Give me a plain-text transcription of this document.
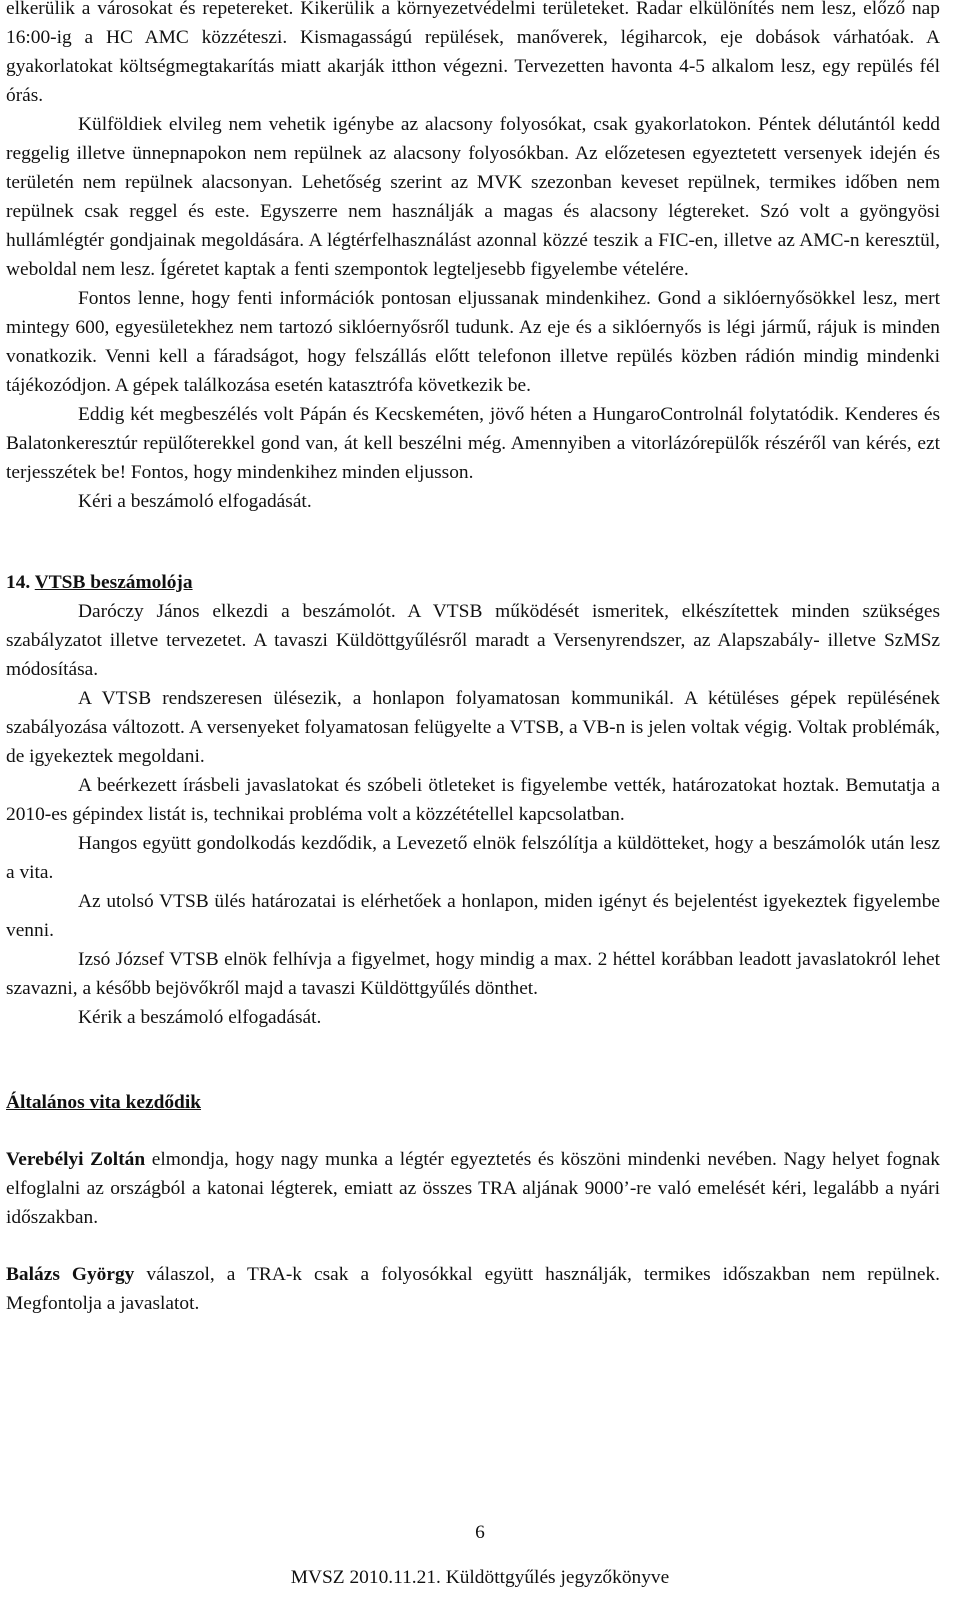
elkerülik a városokat és repetereket. Kikerülik a környezetvédelmi területeket. Radar elkülönítés nem lesz, előző nap 16:00-ig a HC AMC közzéteszi. Kismagasságú repülések, manőverek, légiharcok, eje dobások várhatóak. A gyakorlatokat költségmegtakarítás miatt akarják itthon végezni. Tervezetten havonta 4-5 alkalom lesz, egy repülés fél órás.

Külföldiek elvileg nem vehetik igénybe az alacsony folyosókat, csak gyakorlatokon. Péntek délutántól kedd reggelig illetve ünnepnapokon nem repülnek az alacsony folyosókban. Az előzetesen egyeztetett versenyek idején és területén nem repülnek alacsonyan. Lehetőség szerint az MVK szezonban keveset repülnek, termikes időben nem repülnek csak reggel és este. Egyszerre nem használják a magas és alacsony légtereket. Szó volt a gyöngyösi hullámlégtér gondjainak megoldására. A légtérfelhasználást azonnal közzé teszik a FIC-en, illetve az AMC-n keresztül, weboldal nem lesz. Ígéretet kaptak a fenti szempontok legteljesebb figyelembe vételére.

Fontos lenne, hogy fenti információk pontosan eljussanak mindenkihez. Gond a siklóernyősökkel lesz, mert mintegy 600, egyesületekhez nem tartozó siklóernyősről tudunk. Az eje és a siklóernyős is légi jármű, rájuk is minden vonatkozik. Venni kell a fáradságot, hogy felszállás előtt telefonon illetve repülés közben rádión mindig mindenki tájékozódjon. A gépek találkozása esetén katasztrófa következik be.

Eddig két megbeszélés volt Pápán és Kecskeméten, jövő héten a HungaroControlnál folytatódik. Kenderes és Balatonkeresztúr repülőterekkel gond van, át kell beszélni még. Amennyiben a vitorlázórepülők részéről van kérés, ezt terjesszétek be! Fontos, hogy mindenkihez minden eljusson.

Kéri a beszámoló elfogadását.

14. VTSB beszámolója

Daróczy János elkezdi a beszámolót. A VTSB működését ismeritek, elkészítettek minden szükséges szabályzatot illetve tervezetet. A tavaszi Küldöttgyűlésről maradt a Versenyrendszer, az Alapszabály- illetve SzMSz módosítása.

A VTSB rendszeresen ülésezik, a honlapon folyamatosan kommunikál. A kétüléses gépek repülésének szabályozása változott. A versenyeket folyamatosan felügyelte a VTSB, a VB-n is jelen voltak végig. Voltak problémák, de igyekeztek megoldani.

A beérkezett írásbeli javaslatokat és szóbeli ötleteket is figyelembe vették, határozatokat hoztak. Bemutatja a 2010-es gépindex listát is, technikai probléma volt a közzététellel kapcsolatban.

Hangos együtt gondolkodás kezdődik, a Levezető elnök felszólítja a küldötteket, hogy a beszámolók után lesz a vita.

Az utolsó VTSB ülés határozatai is elérhetőek a honlapon, miden igényt és bejelentést igyekeztek figyelembe venni.

Izsó József VTSB elnök felhívja a figyelmet, hogy mindig a max. 2 héttel korábban leadott javaslatokról lehet szavazni, a később bejövőkről majd a tavaszi Küldöttgyűlés dönthet.

Kérik a beszámoló elfogadását.

Általános vita kezdődik

Verebélyi Zoltán elmondja, hogy nagy munka a légtér egyeztetés és köszöni mindenki nevében. Nagy helyet fognak elfoglalni az országból a katonai légterek, emiatt az összes TRA aljának 9000’-re való emelését kéri, legalább a nyári időszakban.

Balázs György válaszol, a TRA-k csak a folyosókkal együtt használják, termikes időszakban nem repülnek. Megfontolja a javaslatot.

6
MVSZ 2010.11.21. Küldöttgyűlés jegyzőkönyve
